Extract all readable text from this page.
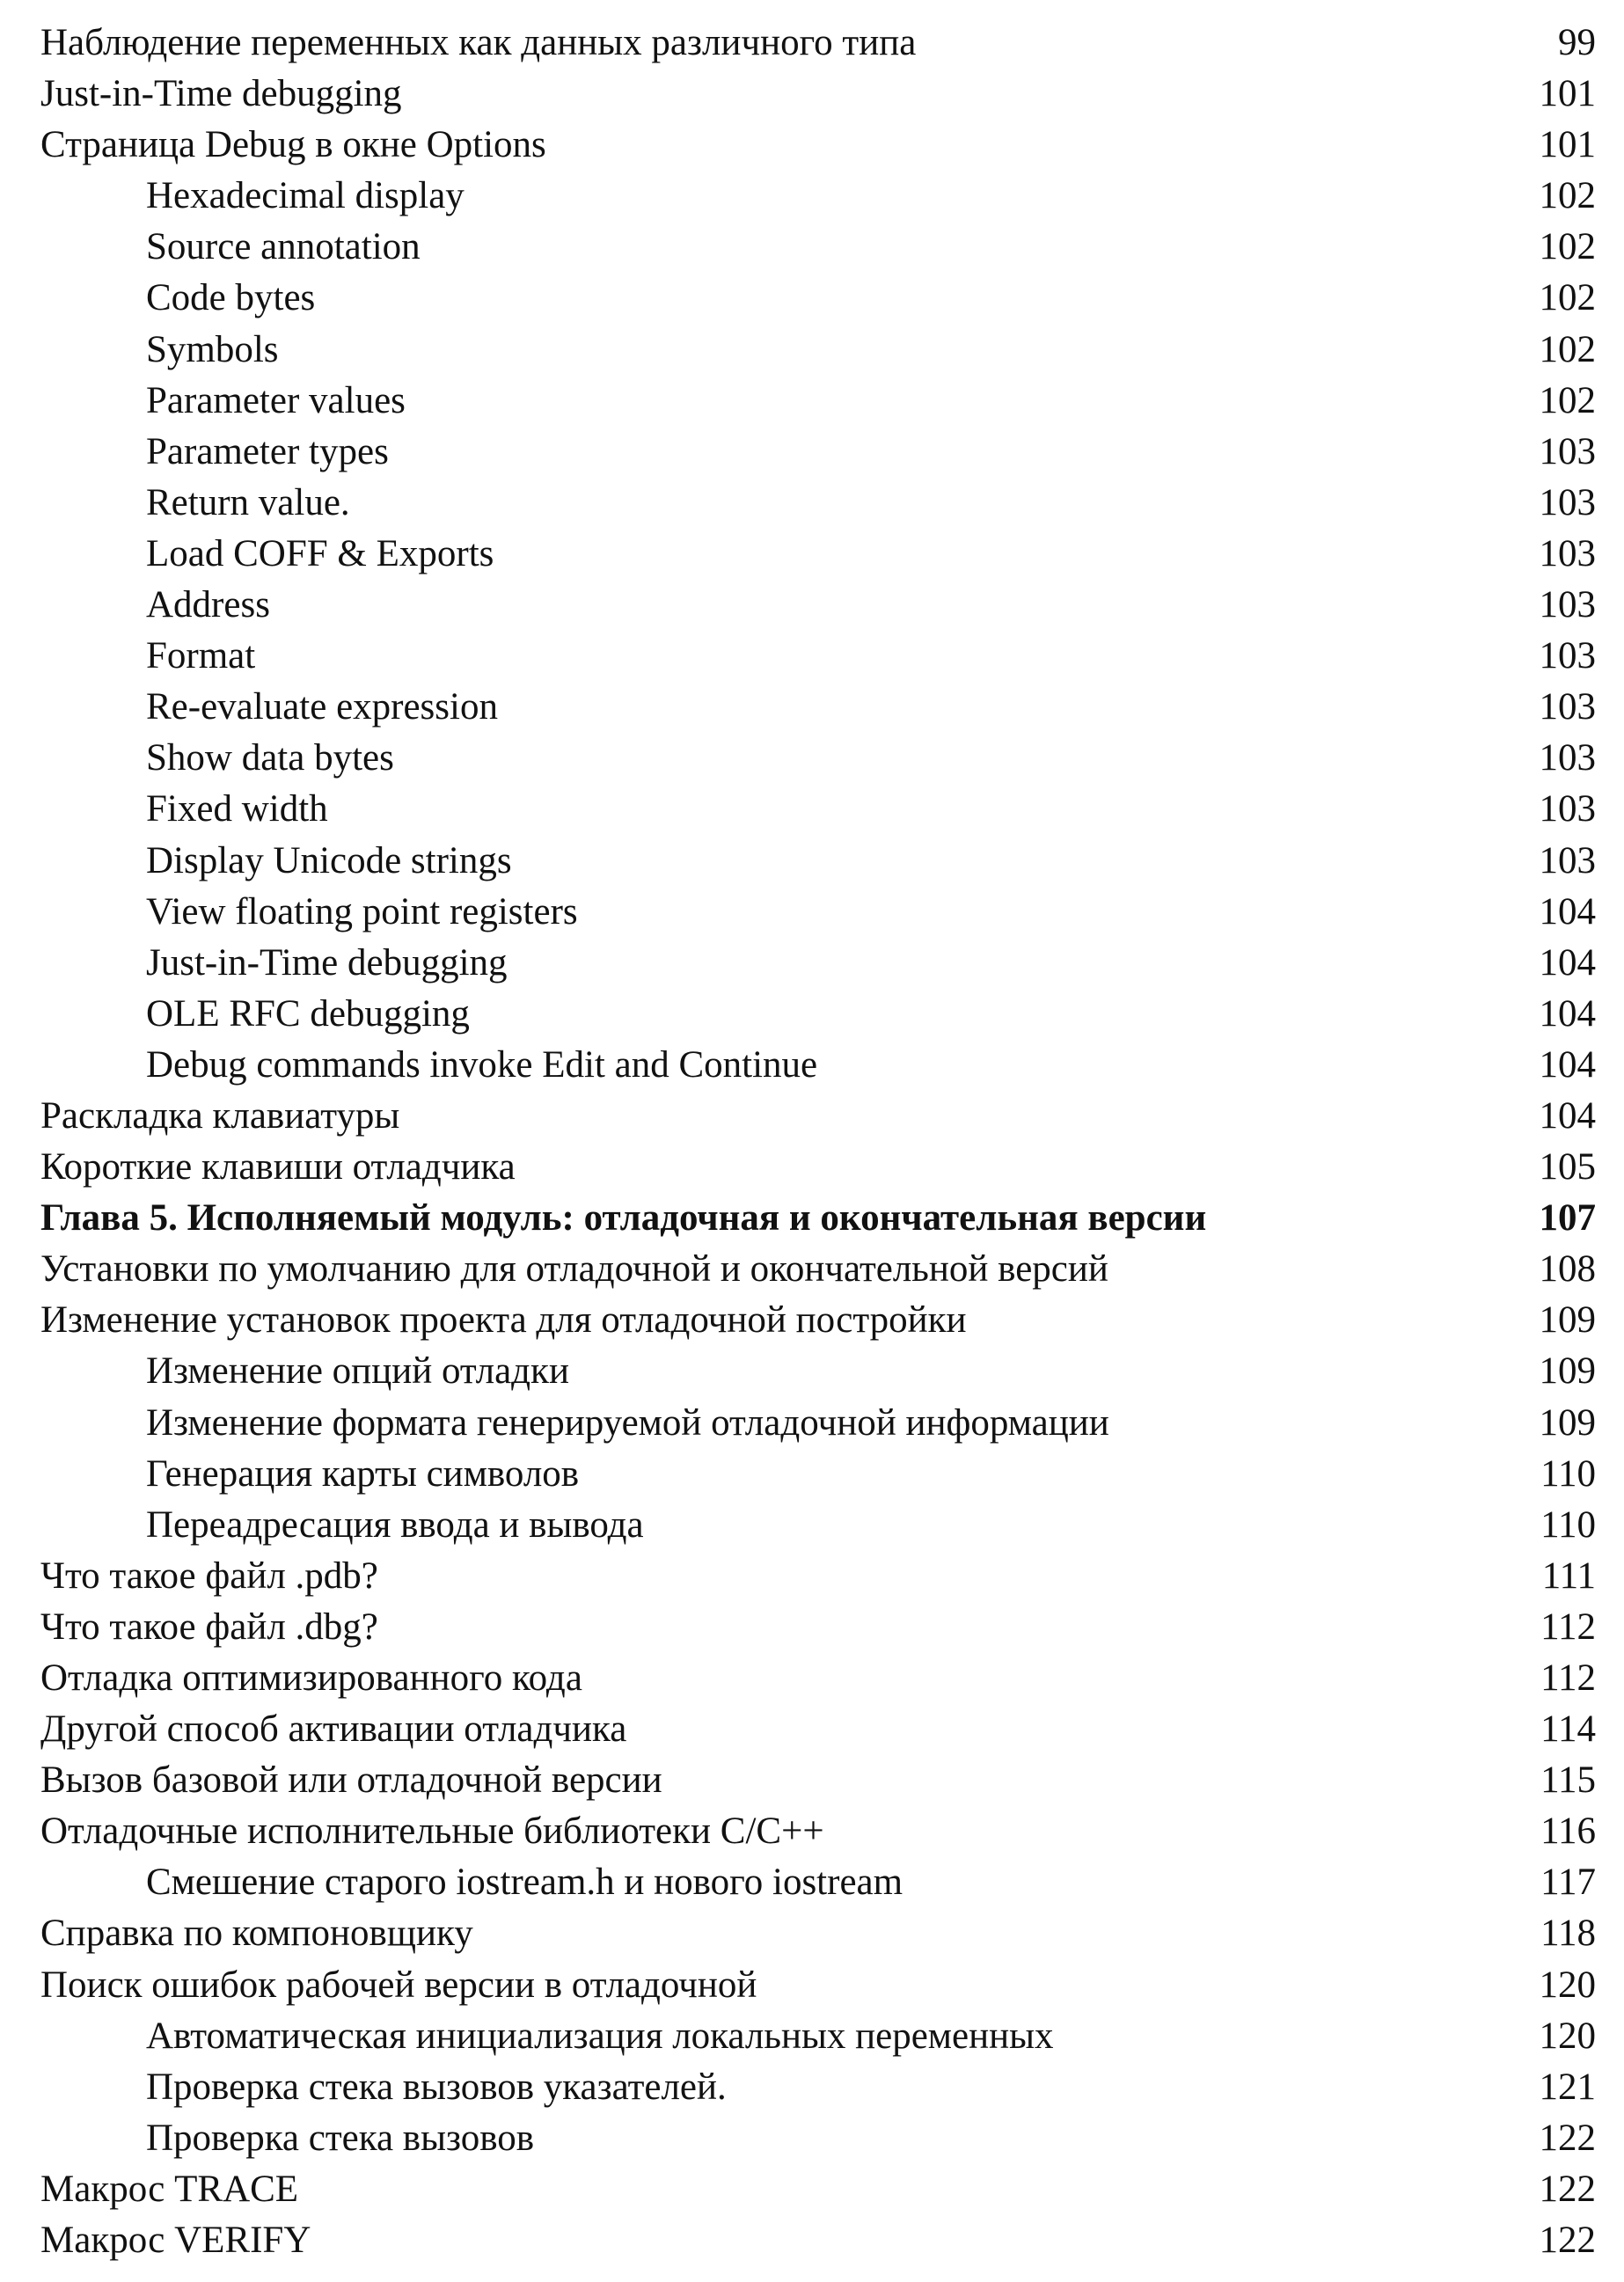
Наблюдение переменных как данных различного типа	99
Just-in-Time debugging	101
Страница Debug в окне Options	101
Hexadecimal display	102
Source annotation	102
Code bytes	102
Symbols	102
Parameter values	102
Parameter types	103
Return value.	103
Load COFF & Exports	103
Address	103
Format	103
Re-evaluate expression	103
Show data bytes	103
Fixed width	103
Display Unicode strings	103
View floating point registers	104
Just-in-Time debugging	104
OLE RFC debugging	104
Debug commands invoke Edit and Continue	104
Раскладка клавиатуры	104
Короткие клавиши отладчика	105
Глава 5. Исполняемый модуль: отладочная и окончательная версии	107
Установки по умолчанию для отладочной и окончательной версий	108
Изменение установок проекта для отладочной постройки	109
Изменение опций отладки	109
Изменение формата генерируемой отладочной информации	109
Генерация карты символов	110
Переадресация ввода и вывода	110
Что такое файл .pdb?	111
Что такое файл .dbg?	112
Отладка оптимизированного кода	112
Другой способ активации отладчика	114
Вызов базовой или отладочной версии	115
Отладочные исполнительные библиотеки С/С++	116
Смешение старого iostream.h и нового iostream	117
Справка по компоновщику	118
Поиск ошибок рабочей версии в отладочной	120
Автоматическая инициализация локальных переменных	120
Проверка стека вызовов указателей.	121
Проверка стека вызовов	122
Макрос TRACE	122
Макрос VERIFY	122
